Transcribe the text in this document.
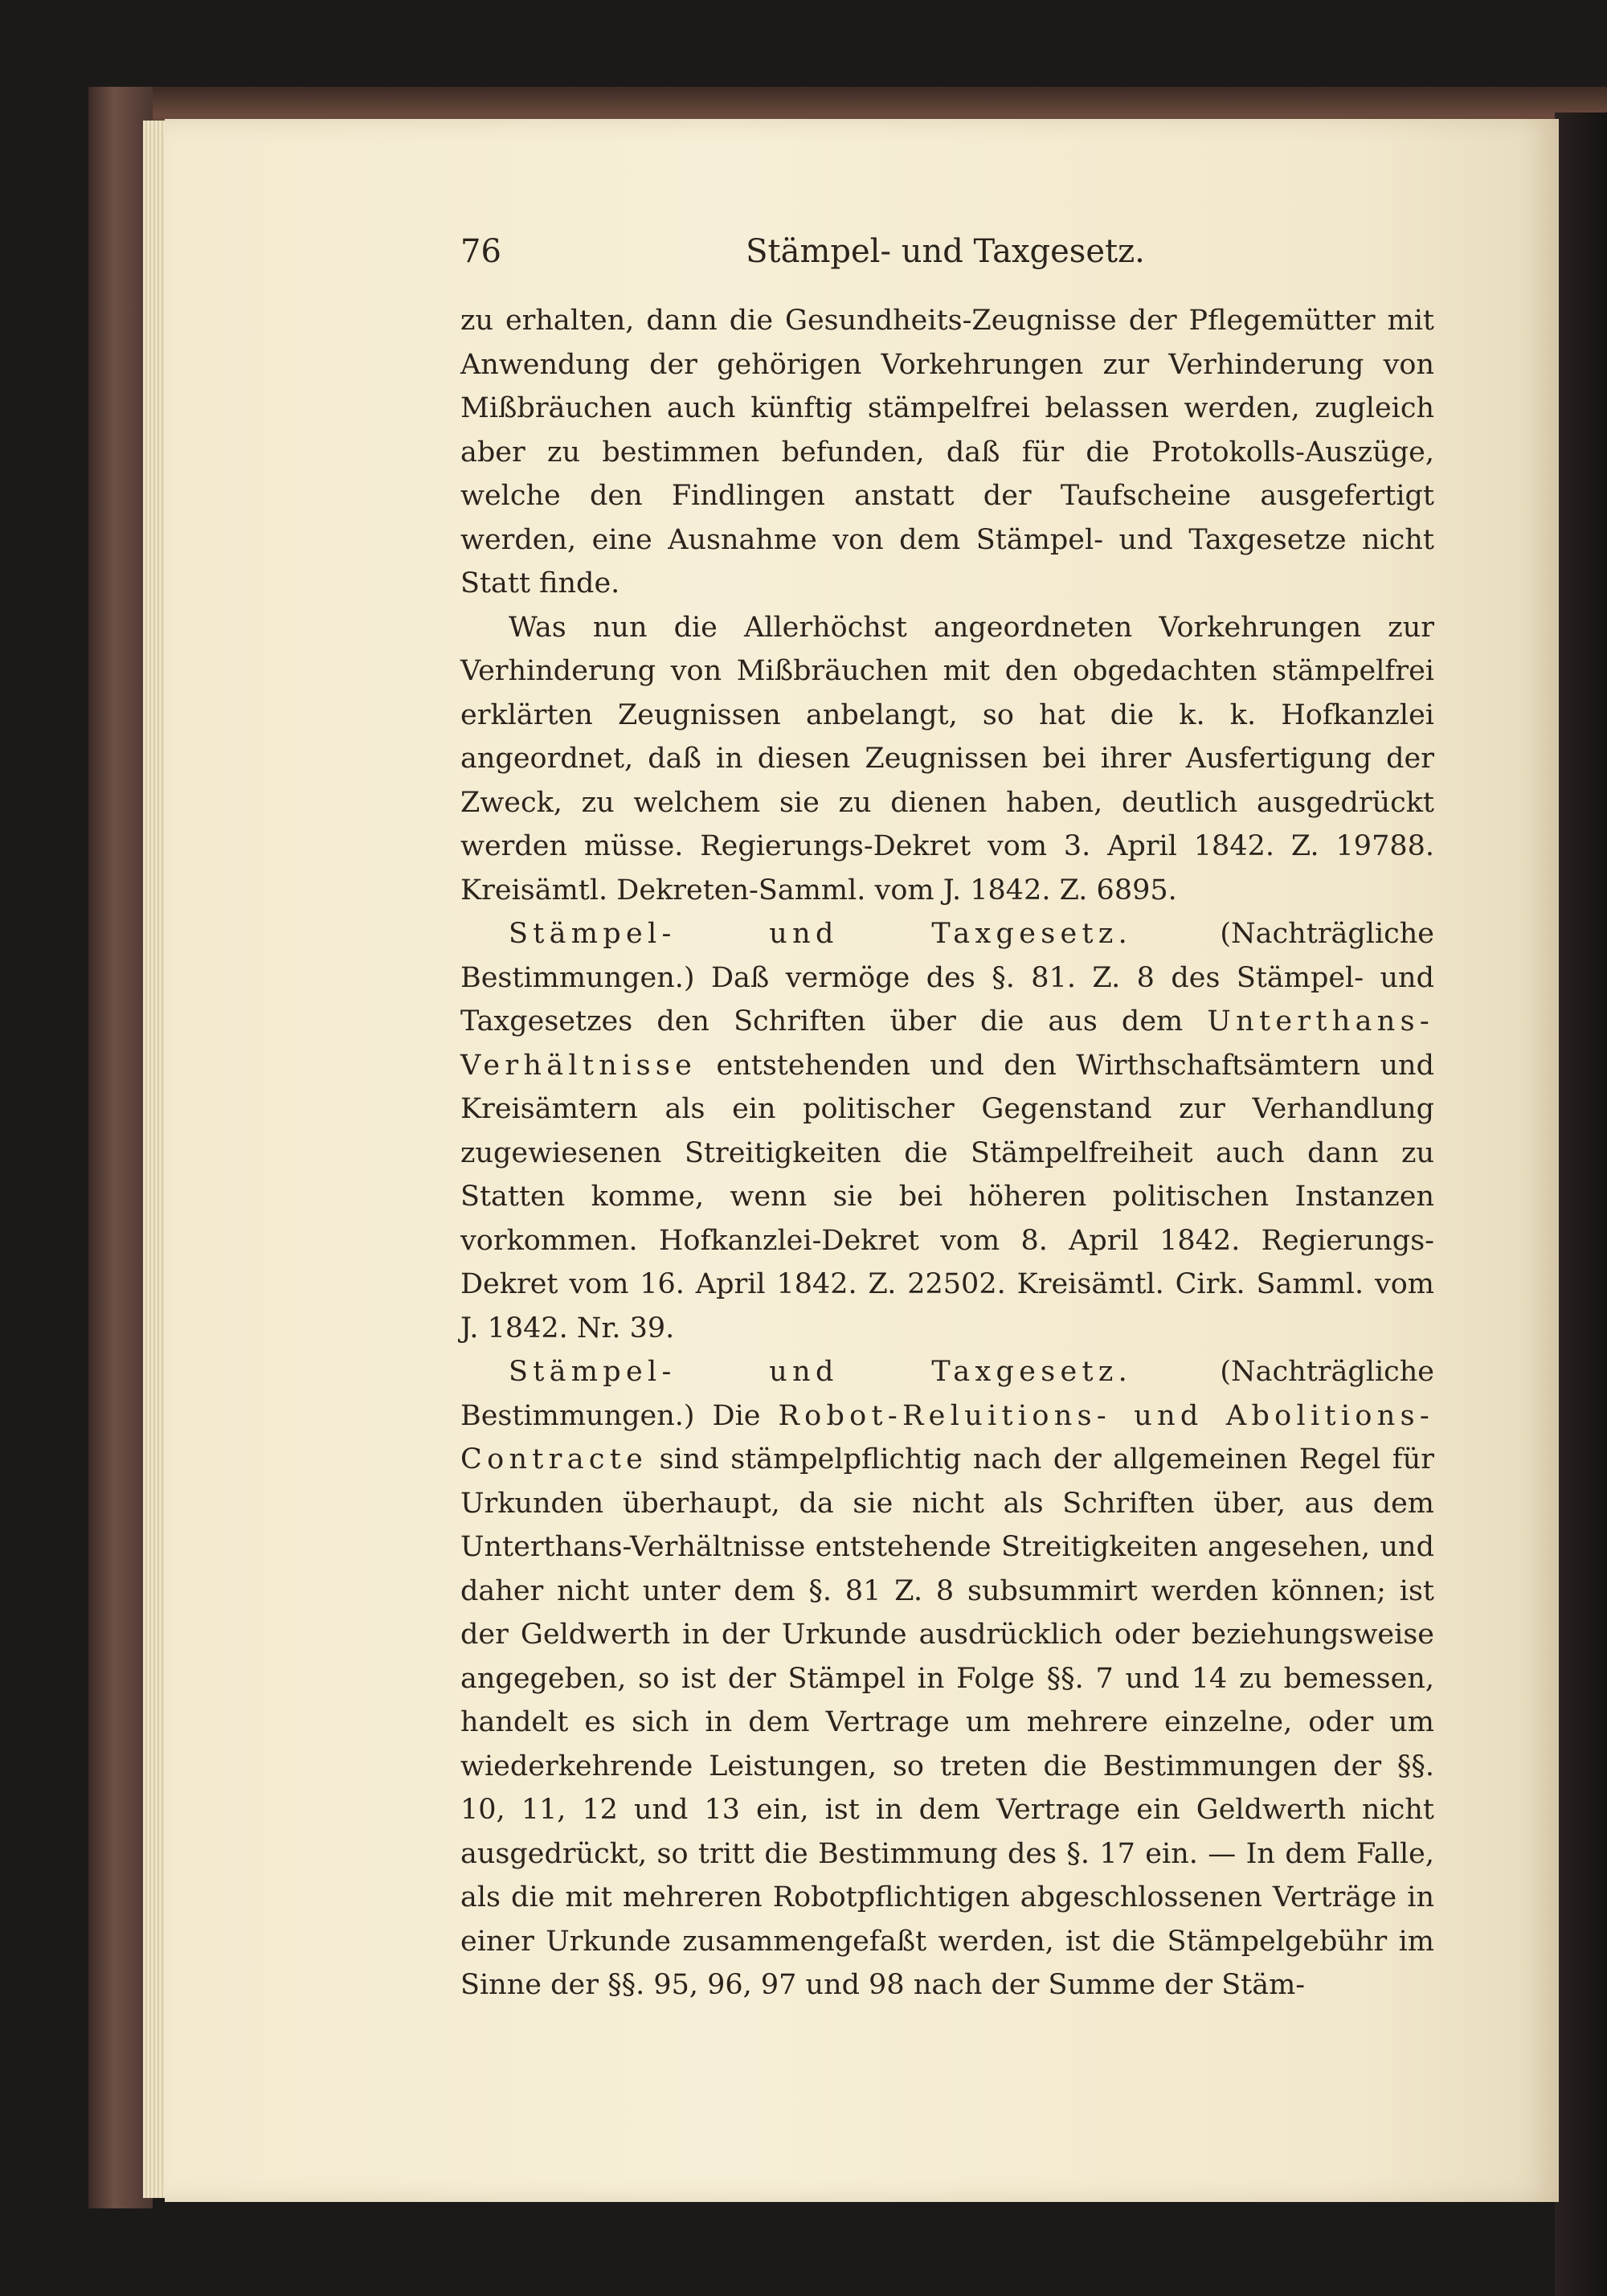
76	Stämpel- und Taxgesetz.

zu erhalten, dann die Gesundheits-Zeugnisse der Pflegemütter mit Anwendung der gehörigen Vorkehrungen zur Verhinderung von Mißbräuchen auch künftig stämpelfrei belassen werden, zugleich aber zu bestimmen befunden, daß für die Protokolls-Auszüge, welche den Findlingen anstatt der Taufscheine ausgefertigt werden, eine Ausnahme von dem Stämpel- und Taxgesetze nicht Statt finde.

Was nun die Allerhöchst angeordneten Vorkehrungen zur Verhinderung von Mißbräuchen mit den obgedachten stämpelfrei erklärten Zeugnissen anbelangt, so hat die k. k. Hofkanzlei angeordnet, daß in diesen Zeugnissen bei ihrer Ausfertigung der Zweck, zu welchem sie zu dienen haben, deutlich ausgedrückt werden müsse. Regierungs-Dekret vom 3. April 1842. Z. 19788. Kreisämtl. Dekreten-Samml. vom J. 1842. Z. 6895.

Stämpel- und Taxgesetz. (Nachträgliche Bestimmungen.) Daß vermöge des §. 81. Z. 8 des Stämpel- und Taxgesetzes den Schriften über die aus dem Unterthans-Verhältnisse entstehenden und den Wirthschaftsämtern und Kreisämtern als ein politischer Gegenstand zur Verhandlung zugewiesenen Streitigkeiten die Stämpelfreiheit auch dann zu Statten komme, wenn sie bei höheren politischen Instanzen vorkommen. Hofkanzlei-Dekret vom 8. April 1842. Regierungs-Dekret vom 16. April 1842. Z. 22502. Kreisämtl. Cirk. Samml. vom J. 1842. Nr. 39.

Stämpel- und Taxgesetz. (Nachträgliche Bestimmungen.) Die Robot-Reluitions- und Abolitions-Contracte sind stämpelpflichtig nach der allgemeinen Regel für Urkunden überhaupt, da sie nicht als Schriften über, aus dem Unterthans-Verhältnisse entstehende Streitigkeiten angesehen, und daher nicht unter dem §. 81 Z. 8 subsummirt werden können; ist der Geldwerth in der Urkunde ausdrücklich oder beziehungsweise angegeben, so ist der Stämpel in Folge §§. 7 und 14 zu bemessen, handelt es sich in dem Vertrage um mehrere einzelne, oder um wiederkehrende Leistungen, so treten die Bestimmungen der §§. 10, 11, 12 und 13 ein, ist in dem Vertrage ein Geldwerth nicht ausgedrückt, so tritt die Bestimmung des §. 17 ein. — In dem Falle, als die mit mehreren Robotpflichtigen abgeschlossenen Verträge in einer Urkunde zusammengefaßt werden, ist die Stämpelgebühr im Sinne der §§. 95, 96, 97 und 98 nach der Summe der Stäm-
